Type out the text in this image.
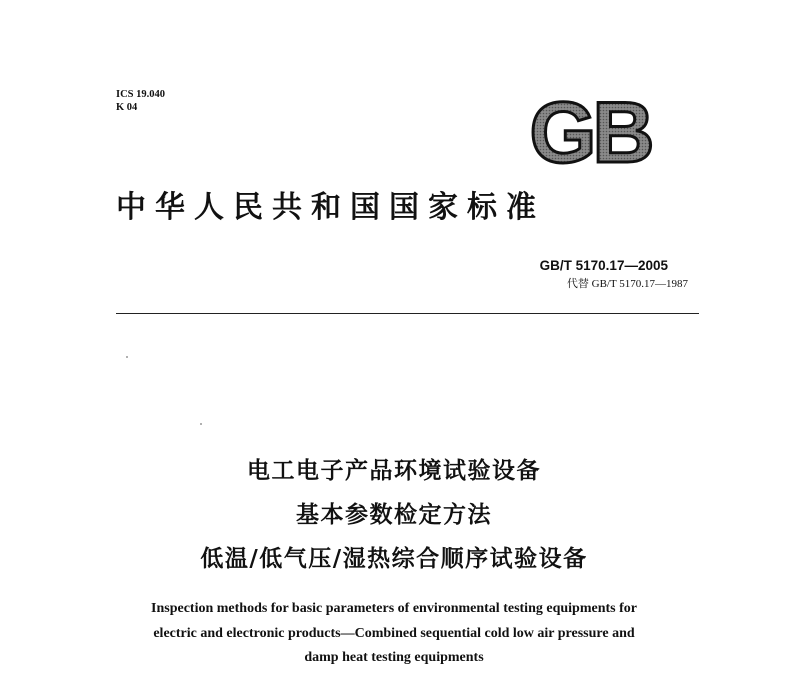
ICS 19.040
K 04	GB
中华人民共和国国家标准
GB/T 5170.17—2005
代替 GB/T 5170.17—1987
电工电子产品环境试验设备
基本参数检定方法
低温/低气压/湿热综合顺序试验设备
Inspection methods for basic parameters of environmental testing equipments for
electric and electronic products—Combined sequential cold low air pressure and
damp heat testing equipments
